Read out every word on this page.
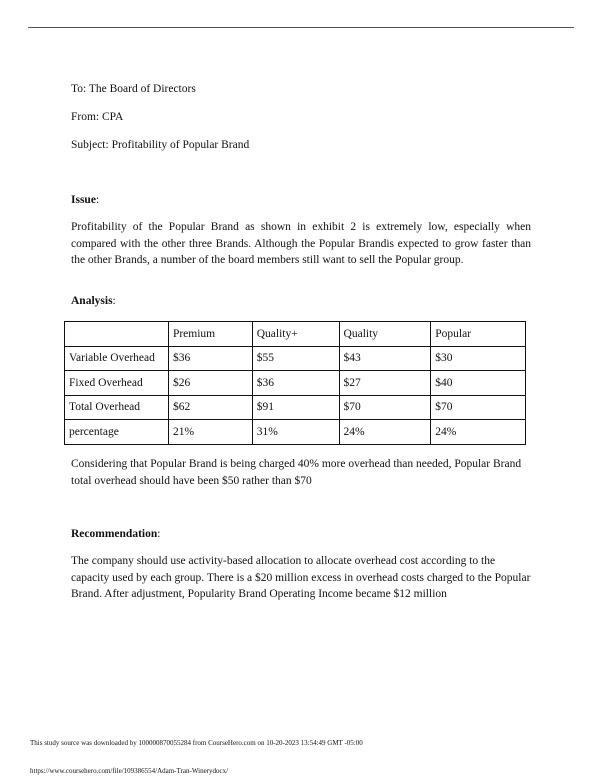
To: The Board of Directors
From: CPA
Subject: Profitability of Popular Brand
Issue:
Profitability of the Popular Brand as shown in exhibit 2 is extremely low, especially when compared with the other three Brands. Although the Popular Brandis expected to grow faster than the other Brands, a number of the board members still want to sell the Popular group.
Analysis:
	Premium	Quality+	Quality	Popular
Variable Overhead	$36	$55	$43	$30
Fixed Overhead	$26	$36	$27	$40
Total Overhead	$62	$91	$70	$70
percentage	21%	31%	24%	24%
Considering that Popular Brand is being charged 40% more overhead than needed, Popular Brand total overhead should have been $50 rather than $70
Recommendation:
The company should use activity-based allocation to allocate overhead cost according to the capacity used by each group. There is a $20 million excess in overhead costs charged to the Popular Brand. After adjustment, Popularity Brand Operating Income became $12 million
This study source was downloaded by 100000870055284 from CourseHero.com on 10-20-2023 13:54:49 GMT -05:00
https://www.coursehero.com/file/109386554/Adam-Tran-Winerydocx/
